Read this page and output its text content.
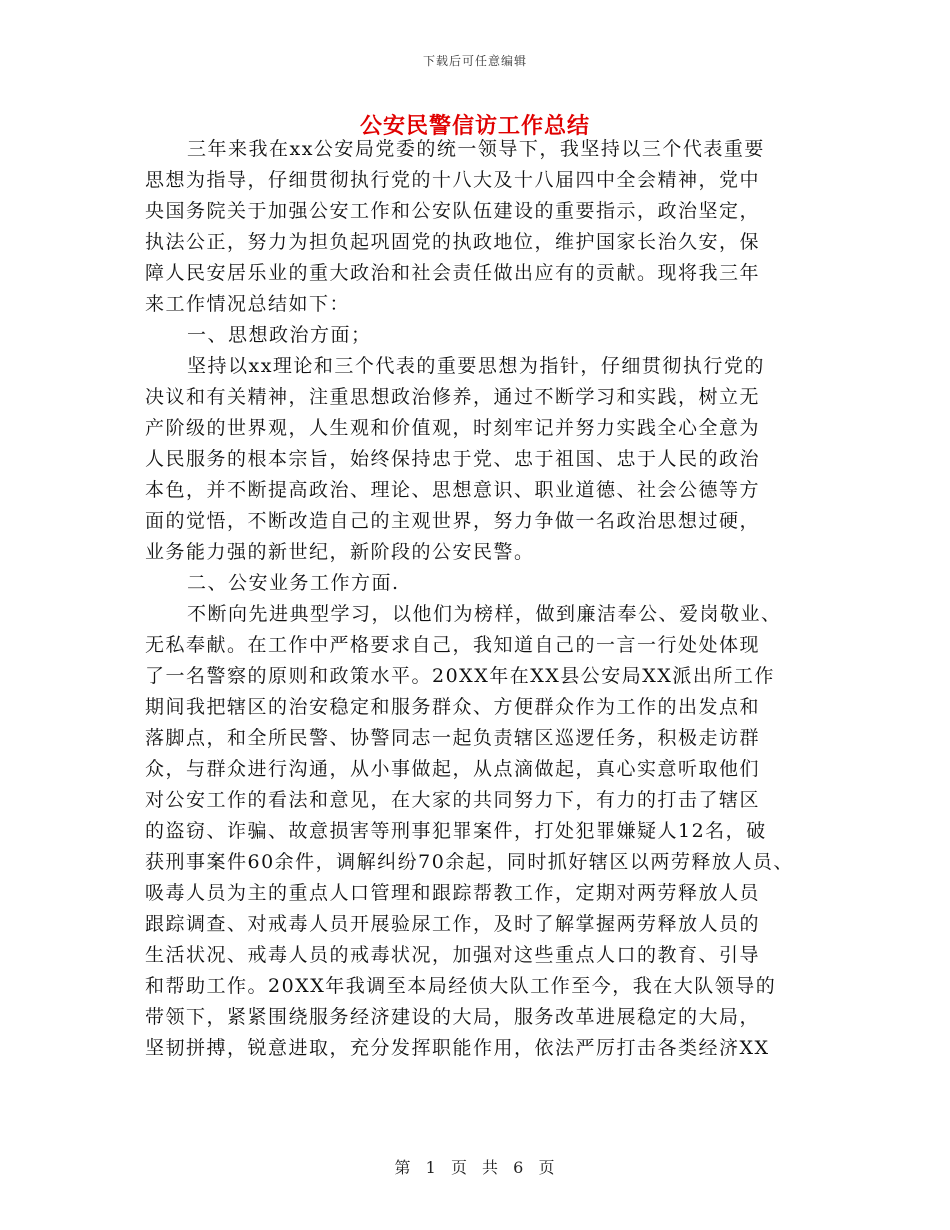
下载后可任意编辑
公安民警信访工作总结
三年来我在xx公安局党委的统一领导下，我坚持以三个代表重要
思想为指导，仔细贯彻执行党的十八大及十八届四中全会精神，党中
央国务院关于加强公安工作和公安队伍建设的重要指示，政治坚定，
执法公正，努力为担负起巩固党的执政地位，维护国家长治久安，保
障人民安居乐业的重大政治和社会责任做出应有的贡献。现将我三年
来工作情况总结如下：
一、思想政治方面；
坚持以xx理论和三个代表的重要思想为指针，仔细贯彻执行党的
决议和有关精神，注重思想政治修养，通过不断学习和实践，树立无
产阶级的世界观，人生观和价值观，时刻牢记并努力实践全心全意为
人民服务的根本宗旨，始终保持忠于党、忠于祖国、忠于人民的政治
本色，并不断提高政治、理论、思想意识、职业道德、社会公德等方
面的觉悟，不断改造自己的主观世界，努力争做一名政治思想过硬，
业务能力强的新世纪，新阶段的公安民警。
二、公安业务工作方面.
不断向先进典型学习，以他们为榜样，做到廉洁奉公、爱岗敬业、
无私奉献。在工作中严格要求自己，我知道自己的一言一行处处体现
了一名警察的原则和政策水平。20XX年在XX县公安局XX派出所工作
期间我把辖区的治安稳定和服务群众、方便群众作为工作的出发点和
落脚点，和全所民警、协警同志一起负责辖区巡逻任务，积极走访群
众，与群众进行沟通，从小事做起，从点滴做起，真心实意听取他们
对公安工作的看法和意见，在大家的共同努力下，有力的打击了辖区
的盗窃、诈骗、故意损害等刑事犯罪案件，打处犯罪嫌疑人12名，破
获刑事案件60余件，调解纠纷70余起，同时抓好辖区以两劳释放人员、
吸毒人员为主的重点人口管理和跟踪帮教工作，定期对两劳释放人员
跟踪调查、对戒毒人员开展验尿工作，及时了解掌握两劳释放人员的
生活状况、戒毒人员的戒毒状况，加强对这些重点人口的教育、引导
和帮助工作。20XX年我调至本局经侦大队工作至今，我在大队领导的
带领下，紧紧围绕服务经济建设的大局，服务改革进展稳定的大局，
坚韧拼搏，锐意进取，充分发挥职能作用，依法严厉打击各类经济XX
第 1 页 共 6 页
